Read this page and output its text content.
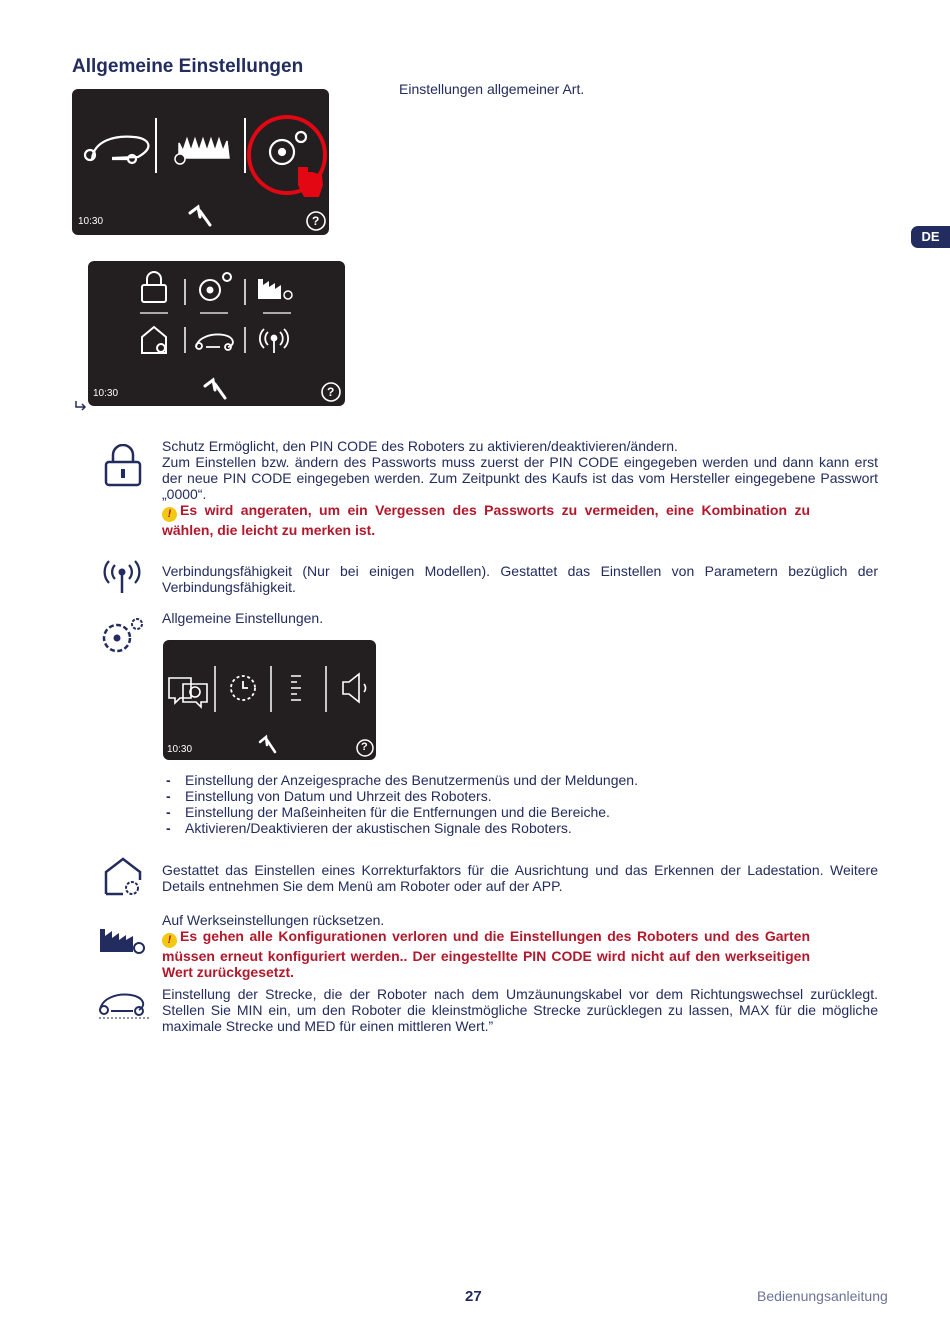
Allgemeine Einstellungen
Einstellungen allgemeiner Art.
DE
10:30	?
10:30	?
Schutz Ermöglicht, den PIN CODE des Roboters zu aktivieren/deaktivieren/ändern.
Zum Einstellen bzw. ändern des Passworts muss zuerst der PIN CODE eingegeben werden und dann kann erst der neue PIN CODE eingegeben werden. Zum Zeitpunkt des Kaufs ist das vom Hersteller eingegebene Passwort „0000“.
! Es wird angeraten, um ein Vergessen des Passworts zu vermeiden, eine Kombination zu wählen, die leicht zu merken ist.
Verbindungsfähigkeit (Nur bei einigen Modellen). Gestattet das Einstellen von Parametern bezüglich der Verbindungsfähigkeit.
Allgemeine Einstellungen.
10:30	?
- Einstellung der Anzeigesprache des Benutzermenüs und der Meldungen.
- Einstellung von Datum und Uhrzeit des Roboters.
- Einstellung der Maßeinheiten für die Entfernungen und die Bereiche.
- Aktivieren/Deaktivieren der akustischen Signale des Roboters.
Gestattet das Einstellen eines Korrekturfaktors für die Ausrichtung und das Erkennen der Ladestation. Weitere Details entnehmen Sie dem Menü am Roboter oder auf der APP.
Auf Werkseinstellungen rücksetzen.
! Es gehen alle Konfigurationen verloren und die Einstellungen des Roboters und des Garten müssen erneut konfiguriert werden.. Der eingestellte PIN CODE wird nicht auf den werkseitigen Wert zurückgesetzt.
Einstellung der Strecke, die der Roboter nach dem Umzäunungskabel vor dem Richtungswechsel zurücklegt. Stellen Sie MIN ein, um den Roboter die kleinstmögliche Strecke zurücklegen zu lassen, MAX für die mögliche maximale Strecke und MED für einen mittleren Wert.”
27	Bedienungsanleitung
